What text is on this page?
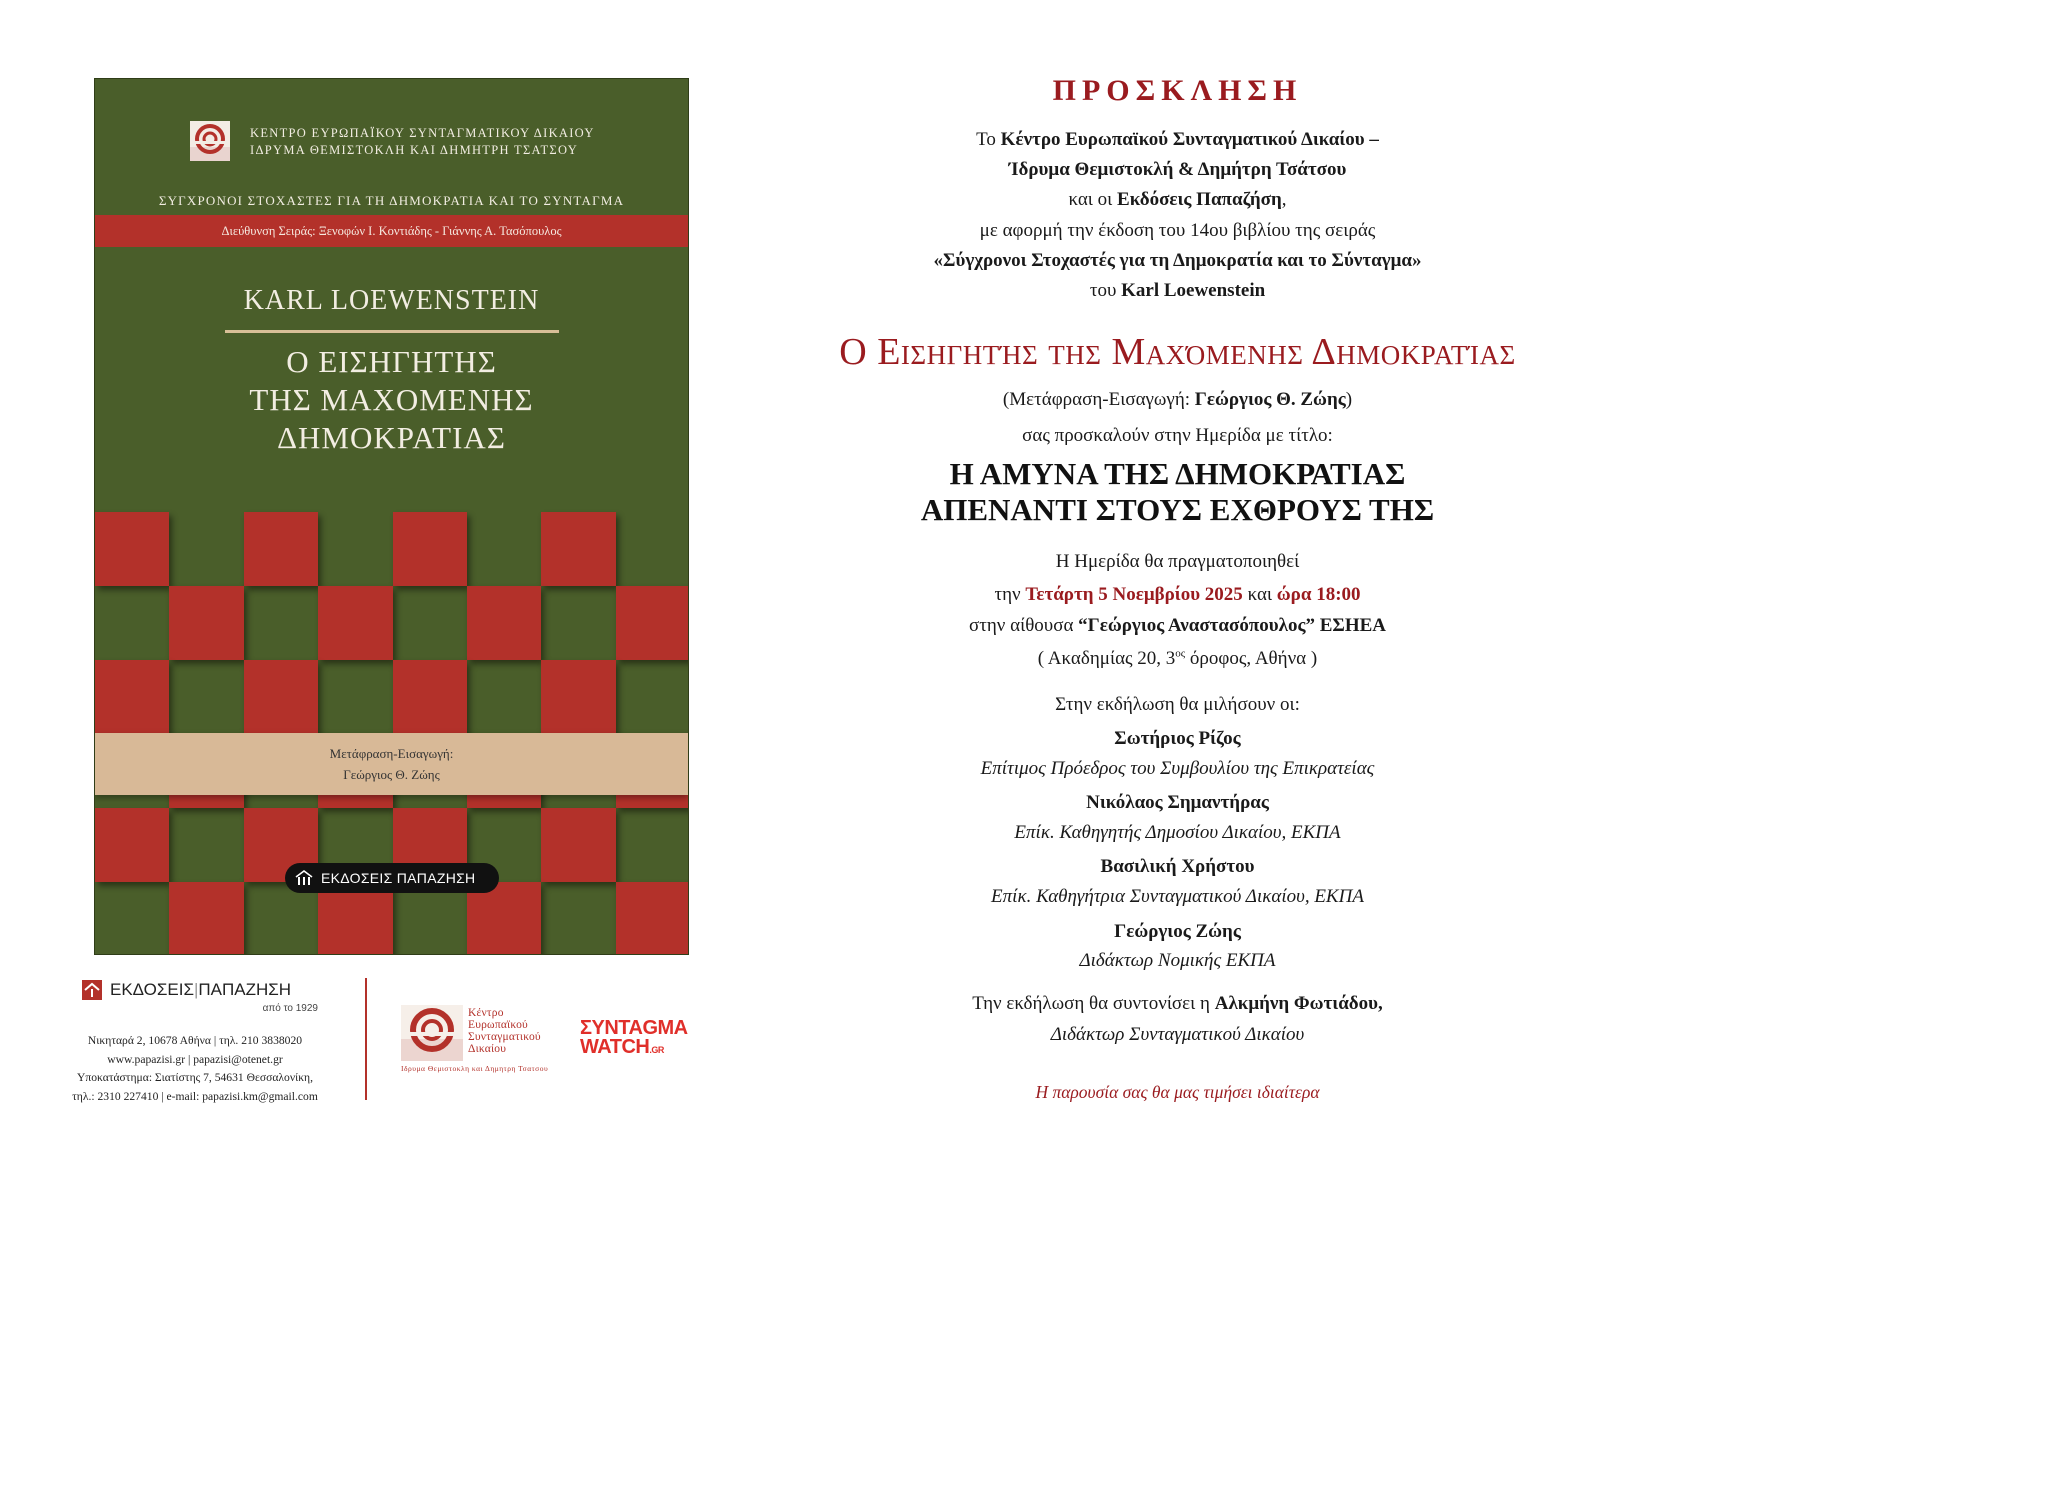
ΚΕΝΤΡΟ ΕΥΡΩΠΑΪΚΟΥ ΣΥΝΤΑΓΜΑΤΙΚΟΥ ΔΙΚΑΙΟΥ
ΙΔΡΥΜΑ ΘΕΜΙΣΤΟΚΛΗ ΚΑΙ ΔΗΜΗΤΡΗ ΤΣΑΤΣΟΥ
ΣΥΓΧΡΟΝΟΙ ΣΤΟΧΑΣΤΕΣ ΓΙΑ ΤΗ ΔΗΜΟΚΡΑΤΙΑ ΚΑΙ ΤΟ ΣΥΝΤΑΓΜΑ
Διεύθυνση Σειράς: Ξενοφών Ι. Κοντιάδης - Γιάννης Α. Τασόπουλος
KARL LOEWENSTEIN
Ο ΕΙΣΗΓΗΤΗΣ
ΤΗΣ ΜΑΧΟΜΕΝΗΣ
ΔΗΜΟΚΡΑΤΙΑΣ
Μετάφραση-Εισαγωγή:
Γεώργιος Θ. Ζώης
ΕΚΔΟΣΕΙΣ ΠΑΠΑΖΗΣΗ
ΕΚΔΟΣΕΙΣ|ΠΑΠΑΖΗΣΗ
από το 1929
Νικηταρά 2, 10678 Αθήνα | τηλ. 210 3838020
www.papazisi.gr | papazisi@otenet.gr
Υποκατάστημα: Σιατίστης 7, 54631 Θεσσαλονίκη,
τηλ.: 2310 227410 | e-mail: papazisi.km@gmail.com
Κέντρο
Ευρωπαϊκού
Συνταγματικού
Δικαίου
Ιδρυμα Θεμιστοκλη και Δημητρη Τσατσου
ΣYNTAGMA
WATCH.GR
ΠΡΟΣΚΛΗΣΗ
Το Κέντρο Ευρωπαϊκού Συνταγματικού Δικαίου –
Ίδρυμα Θεμιστοκλή & Δημήτρη Τσάτσου
και οι Εκδόσεις Παπαζήση,
με αφορμή την έκδοση του 14ου βιβλίου της σειράς
«Σύγχρονοι Στοχαστές για τη Δημοκρατία και το Σύνταγμα»
του Karl Loewenstein
Ο Εισηγητής της Μαχόμενης Δημοκρατίας
(Μετάφραση-Εισαγωγή: Γεώργιος Θ. Ζώης)
σας προσκαλούν στην Ημερίδα με τίτλο:
Η ΑΜΥΝΑ ΤΗΣ ΔΗΜΟΚΡΑΤΙΑΣ
ΑΠΕΝΑΝΤΙ ΣΤΟΥΣ ΕΧΘΡΟΥΣ ΤΗΣ
Η Ημερίδα θα πραγματοποιηθεί
την Τετάρτη 5 Νοεμβρίου 2025 και ώρα 18:00
στην αίθουσα “Γεώργιος Αναστασόπουλος” ΕΣΗΕΑ
( Ακαδημίας 20, $3^{o\varsigma}$ όροφος, Αθήνα )
Στην εκδήλωση θα μιλήσουν οι:
Σωτήριος Ρίζος
Επίτιμος Πρόεδρος του Συμβουλίου της Επικρατείας
Νικόλαος Σημαντήρας
Επίκ. Καθηγητής Δημοσίου Δικαίου, ΕΚΠΑ
Βασιλική Χρήστου
Επίκ. Καθηγήτρια Συνταγματικού Δικαίου, ΕΚΠΑ
Γεώργιος Ζώης
Διδάκτωρ Νομικής ΕΚΠΑ
Την εκδήλωση θα συντονίσει η Αλκμήνη Φωτιάδου,
Διδάκτωρ Συνταγματικού Δικαίου
Η παρουσία σας θα μας τιμήσει ιδιαίτερα
